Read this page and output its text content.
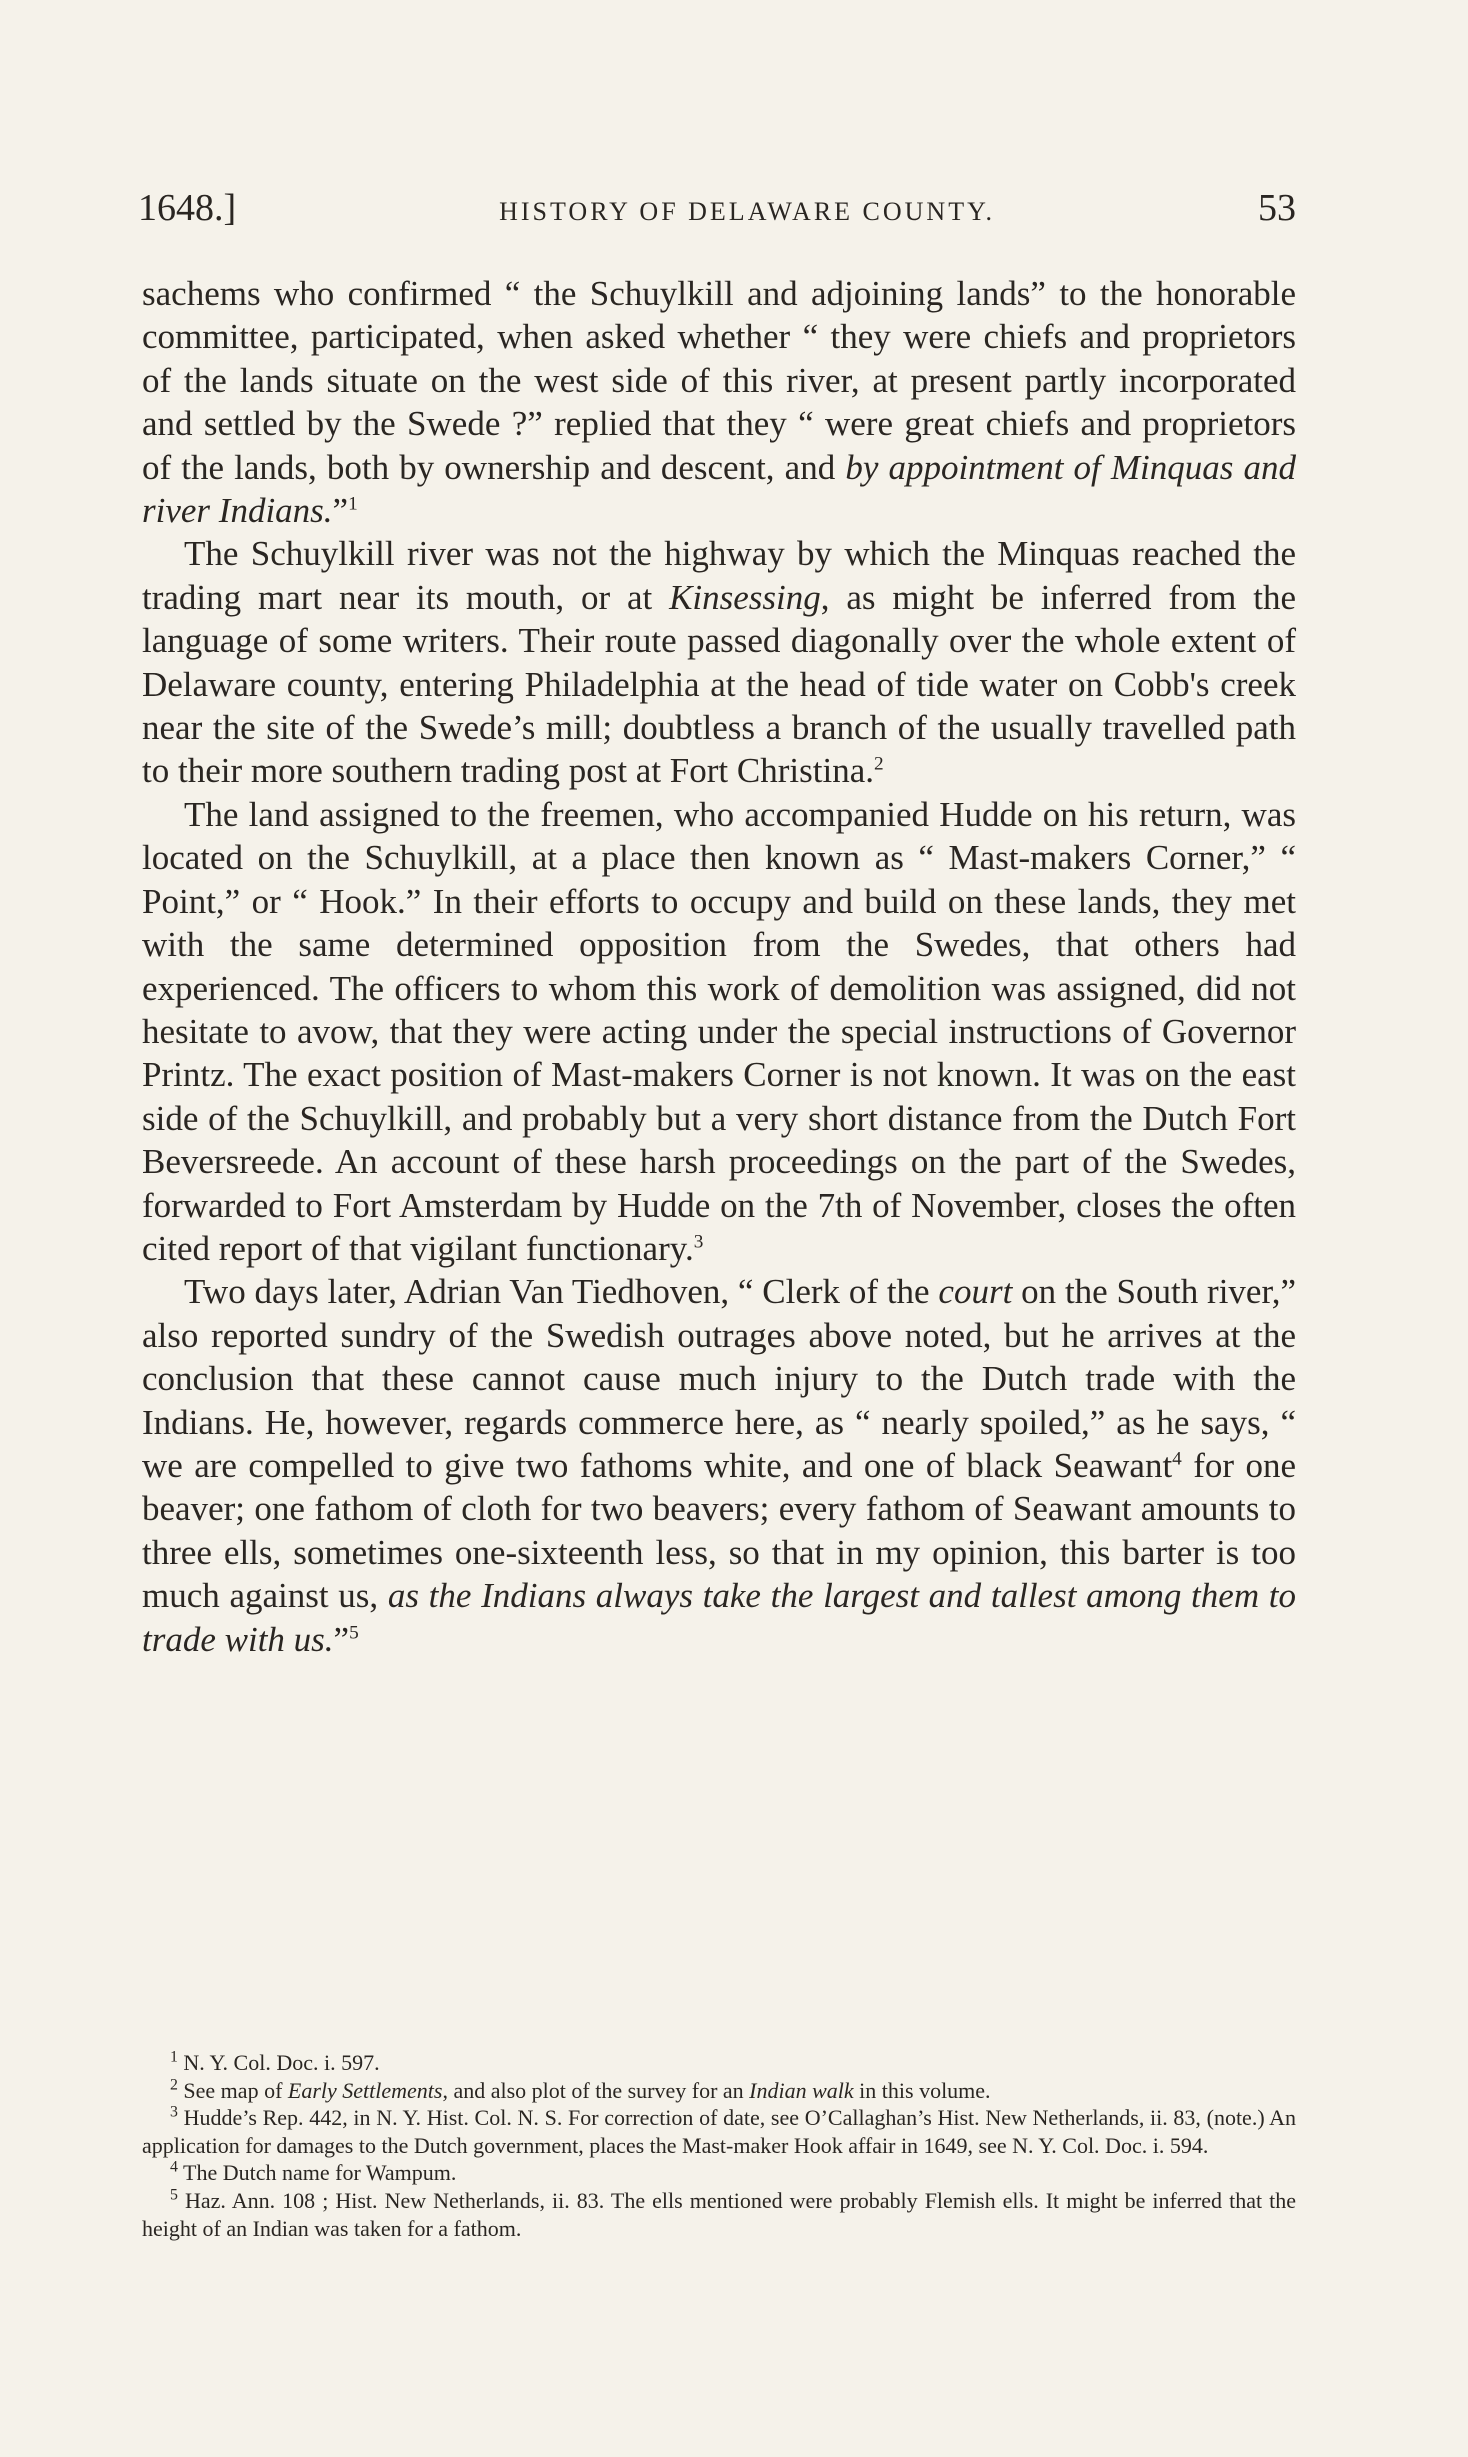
1648.]	HISTORY OF DELAWARE COUNTY.	53

sachems who confirmed “ the Schuylkill and adjoining lands” to the honorable committee, participated, when asked whether “ they were chiefs and proprietors of the lands situate on the west side of this river, at present partly incorporated and settled by the Swede ?” replied that they “ were great chiefs and proprietors of the lands, both by ownership and descent, and by appointment of Minquas and river Indians.”$^1$

The Schuylkill river was not the highway by which the Minquas reached the trading mart near its mouth, or at Kinsessing, as might be inferred from the language of some writers. Their route passed diagonally over the whole extent of Delaware county, entering Philadelphia at the head of tide water on Cobb's creek near the site of the Swede’s mill; doubtless a branch of the usually travelled path to their more southern trading post at Fort Christina.$^2$

The land assigned to the freemen, who accompanied Hudde on his return, was located on the Schuylkill, at a place then known as “ Mast-makers Corner,” “ Point,” or “ Hook.” In their efforts to occupy and build on these lands, they met with the same determined opposition from the Swedes, that others had experienced. The officers to whom this work of demolition was assigned, did not hesitate to avow, that they were acting under the special instructions of Governor Printz. The exact position of Mast-makers Corner is not known. It was on the east side of the Schuylkill, and probably but a very short distance from the Dutch Fort Beversreede. An account of these harsh proceedings on the part of the Swedes, forwarded to Fort Amsterdam by Hudde on the 7th of November, closes the often cited report of that vigilant functionary.$^3$

Two days later, Adrian Van Tiedhoven, “ Clerk of the court on the South river,” also reported sundry of the Swedish outrages above noted, but he arrives at the conclusion that these cannot cause much injury to the Dutch trade with the Indians. He, however, regards commerce here, as “ nearly spoiled,” as he says, “ we are compelled to give two fathoms white, and one of black Seawant$^4$ for one beaver; one fathom of cloth for two beavers; every fathom of Seawant amounts to three ells, sometimes one-sixteenth less, so that in my opinion, this barter is too much against us, as the Indians always take the largest and tallest among them to trade with us.”$^5$

$^1$ N. Y. Col. Doc. i. 597.

$^2$ See map of Early Settlements, and also plot of the survey for an Indian walk in this volume.

$^3$ Hudde’s Rep. 442, in N. Y. Hist. Col. N. S. For correction of date, see O’Callaghan’s Hist. New Netherlands, ii. 83, (note.) An application for damages to the Dutch government, places the Mast-maker Hook affair in 1649, see N. Y. Col. Doc. i. 594.

$^4$ The Dutch name for Wampum.

$^5$ Haz. Ann. 108 ; Hist. New Netherlands, ii. 83. The ells mentioned were probably Flemish ells. It might be inferred that the height of an Indian was taken for a fathom.
